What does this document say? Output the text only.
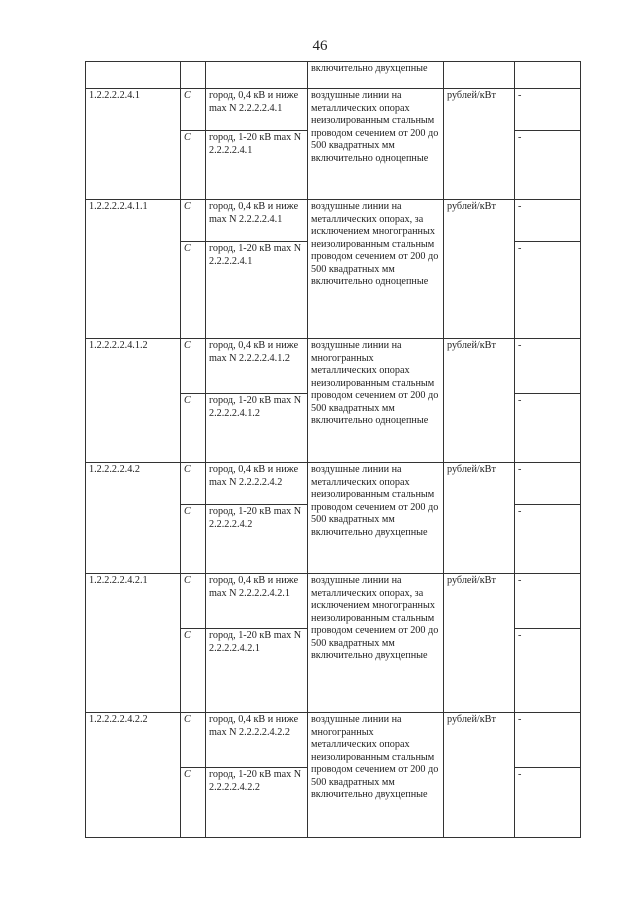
46
			включительно двухцепные		
1.2.2.2.2.4.1	C	город, 0,4 кВ и ниже max N 2.2.2.2.4.1	воздушные линии на металлических опорах неизолированным стальным проводом сечением от 200 до 500 квадратных мм включительно одноцепные	рублей/кВт	-
	C	город, 1-20 кВ max N 2.2.2.2.4.1			-
1.2.2.2.2.4.1.1	C	город, 0,4 кВ и ниже max N 2.2.2.2.4.1	воздушные линии на металлических опорах, за исключением многогранных неизолированным стальным проводом сечением от 200 до 500 квадратных мм включительно одноцепные	рублей/кВт	-
	C	город, 1-20 кВ max N 2.2.2.2.4.1			-
1.2.2.2.2.4.1.2	C	город, 0,4 кВ и ниже max N 2.2.2.2.4.1.2	воздушные линии на многогранных металлических опорах неизолированным стальным проводом сечением от 200 до 500 квадратных мм включительно одноцепные	рублей/кВт	-
	C	город, 1-20 кВ max N 2.2.2.2.4.1.2			-
1.2.2.2.2.4.2	C	город, 0,4 кВ и ниже max N 2.2.2.2.4.2	воздушные линии на металлических опорах неизолированным стальным проводом сечением от 200 до 500 квадратных мм включительно двухцепные	рублей/кВт	-
	C	город, 1-20 кВ max N 2.2.2.2.4.2			-
1.2.2.2.2.4.2.1	C	город, 0,4 кВ и ниже max N 2.2.2.2.4.2.1	воздушные линии на металлических опорах, за исключением многогранных неизолированным стальным проводом сечением от 200 до 500 квадратных мм включительно двухцепные	рублей/кВт	-
	C	город, 1-20 кВ max N 2.2.2.2.4.2.1			-
1.2.2.2.2.4.2.2	C	город, 0,4 кВ и ниже max N 2.2.2.2.4.2.2	воздушные линии на многогранных металлических опорах неизолированным стальным проводом сечением от 200 до 500 квадратных мм включительно двухцепные	рублей/кВт	-
	C	город, 1-20 кВ max N 2.2.2.2.4.2.2			-
